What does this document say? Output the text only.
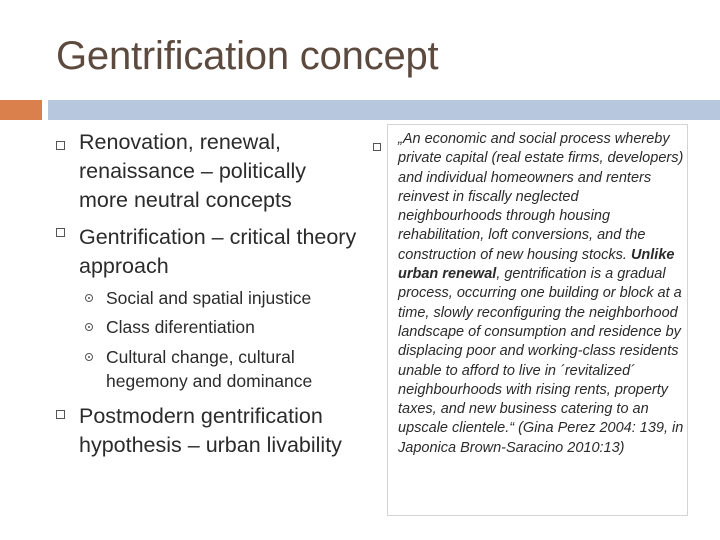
Gentrification concept
Renovation, renewal, renaissance – politically more neutral concepts
Gentrification – critical theory approach
Social and spatial injustice
Class diferentiation
Cultural change, cultural hegemony and dominance
Postmodern gentrification hypothesis – urban livability
„An economic and social process whereby private capital (real estate firms, developers) and individual homeowners and renters reinvest in fiscally neglected neighbourhoods through housing rehabilitation, loft conversions, and the construction of new housing stocks. Unlike urban renewal, gentrification is a gradual process, occurring one building or block at a time, slowly reconfiguring the neighborhood landscape of consumption and residence by displacing poor and working-class residents unable to afford to live in ´revitalized´ neighbourhoods with rising rents, property taxes, and new business catering to an upscale clientele.“ (Gina Perez 2004: 139, in Japonica Brown-Saracino 2010:13)
